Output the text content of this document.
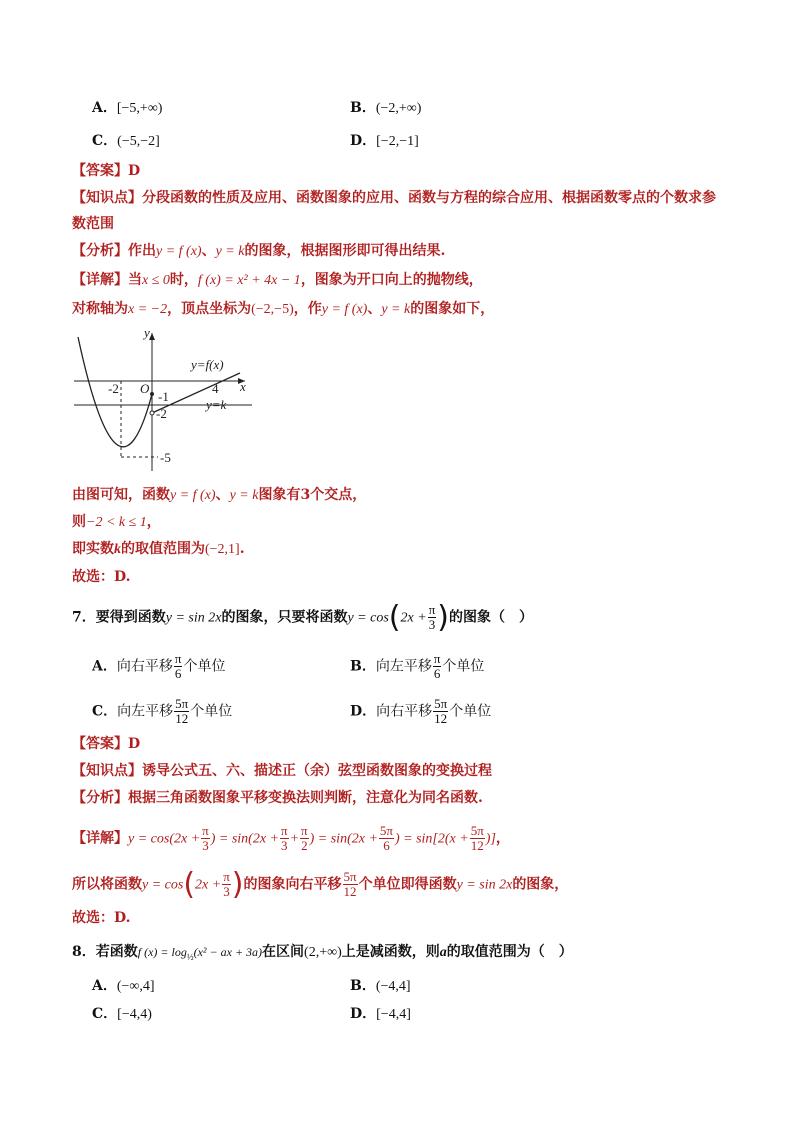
A．[−5,+∞)	B．(−2,+∞)
C．(−5,−2]	D．[−2,−1]
【答案】D
【知识点】分段函数的性质及应用、函数图象的应用、函数与方程的综合应用、根据函数零点的个数求参
数范围
【分析】作出y = f (x)、y = k的图象，根据图形即可得出结果.
【详解】当x ≤ 0时，f (x) = x² + 4x − 1，图象为开口向上的抛物线，
对称轴为x = −2，顶点坐标为(−2,−5)，作y = f (x)、y = k的图象如下，
y
x
O
y=f(x)
y=k
-2	4
-1
-2
-5
由图可知，函数y = f (x)、y = k图象有3个交点，
则−2 < k ≤ 1，
即实数k的取值范围为(−2,1].
故选：D.
7．要得到函数y = sin 2x的图象，只要将函数$y = \cos(2x + \frac{\pi}{3}$ )的图象（　）
A．向右平移 $\frac{\pi}{6}$ 个单位	B．向左平移 $\frac{\pi}{6}$ 个单位
C．向左平移 $\frac{5\pi}{12}$ 个单位	D．向右平移 $\frac{5\pi}{12}$ 个单位
【答案】D
【知识点】诱导公式五、六、描述正（余）弦型函数图象的变换过程
【分析】根据三角函数图象平移变换法则判断，注意化为同名函数.
【详解】$y = \cos(2x + \frac{\pi}{3}$ ) = $\sin(2x + \frac{\pi}{3} + \frac{\pi}{2}$ ) = $\sin(2x + \frac{5\pi}{6}$ ) = $\sin[2(x + \frac{5\pi}{12}$ )]，
所以将函数$y = \cos(2x + \frac{\pi}{3}$ )的图象向右平移 $\frac{5\pi}{12}$ 个单位即得函数y = sin 2x的图象，
故选：D.
8．若函数f $(x) = \log_{\frac{1}{2}}(x^2$ − ax + 3a)在区间(2,+∞)上是减函数，则a的取值范围为（　）
A．(−∞,4]	B．(−4,4]
C．[−4,4)	D．[−4,4]
